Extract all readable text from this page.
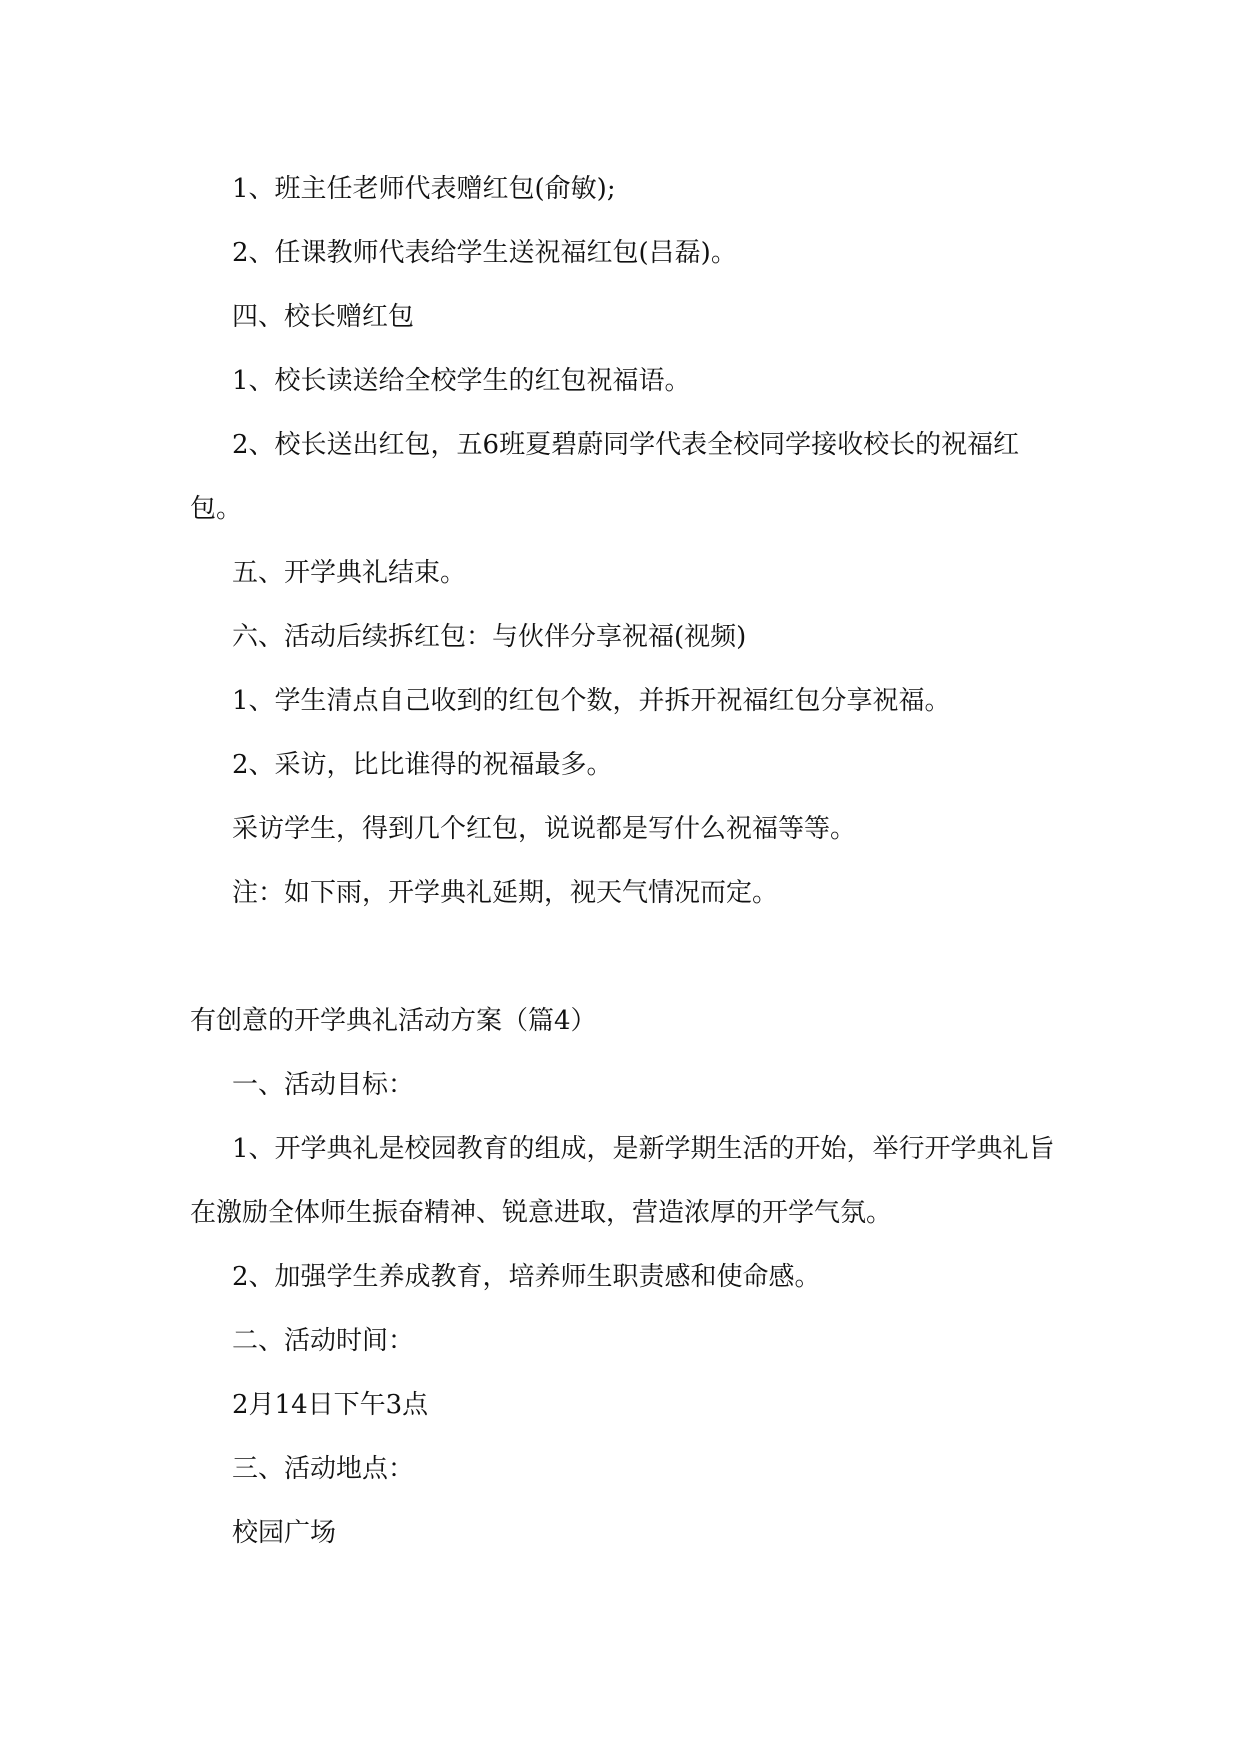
1、班主任老师代表赠红包(俞敏);

2、任课教师代表给学生送祝福红包(吕磊)。

四、校长赠红包

1、校长读送给全校学生的红包祝福语。

2、校长送出红包，五6班夏碧蔚同学代表全校同学接收校长的祝福红包。

五、开学典礼结束。

六、活动后续拆红包：与伙伴分享祝福(视频)

1、学生清点自己收到的红包个数，并拆开祝福红包分享祝福。

2、采访，比比谁得的祝福最多。

采访学生，得到几个红包，说说都是写什么祝福等等。

注：如下雨，开学典礼延期，视天气情况而定。

有创意的开学典礼活动方案（篇4）

一、活动目标：

1、开学典礼是校园教育的组成，是新学期生活的开始，举行开学典礼旨在激励全体师生振奋精神、锐意进取，营造浓厚的开学气氛。

2、加强学生养成教育，培养师生职责感和使命感。

二、活动时间：

2月14日下午3点

三、活动地点：

校园广场
